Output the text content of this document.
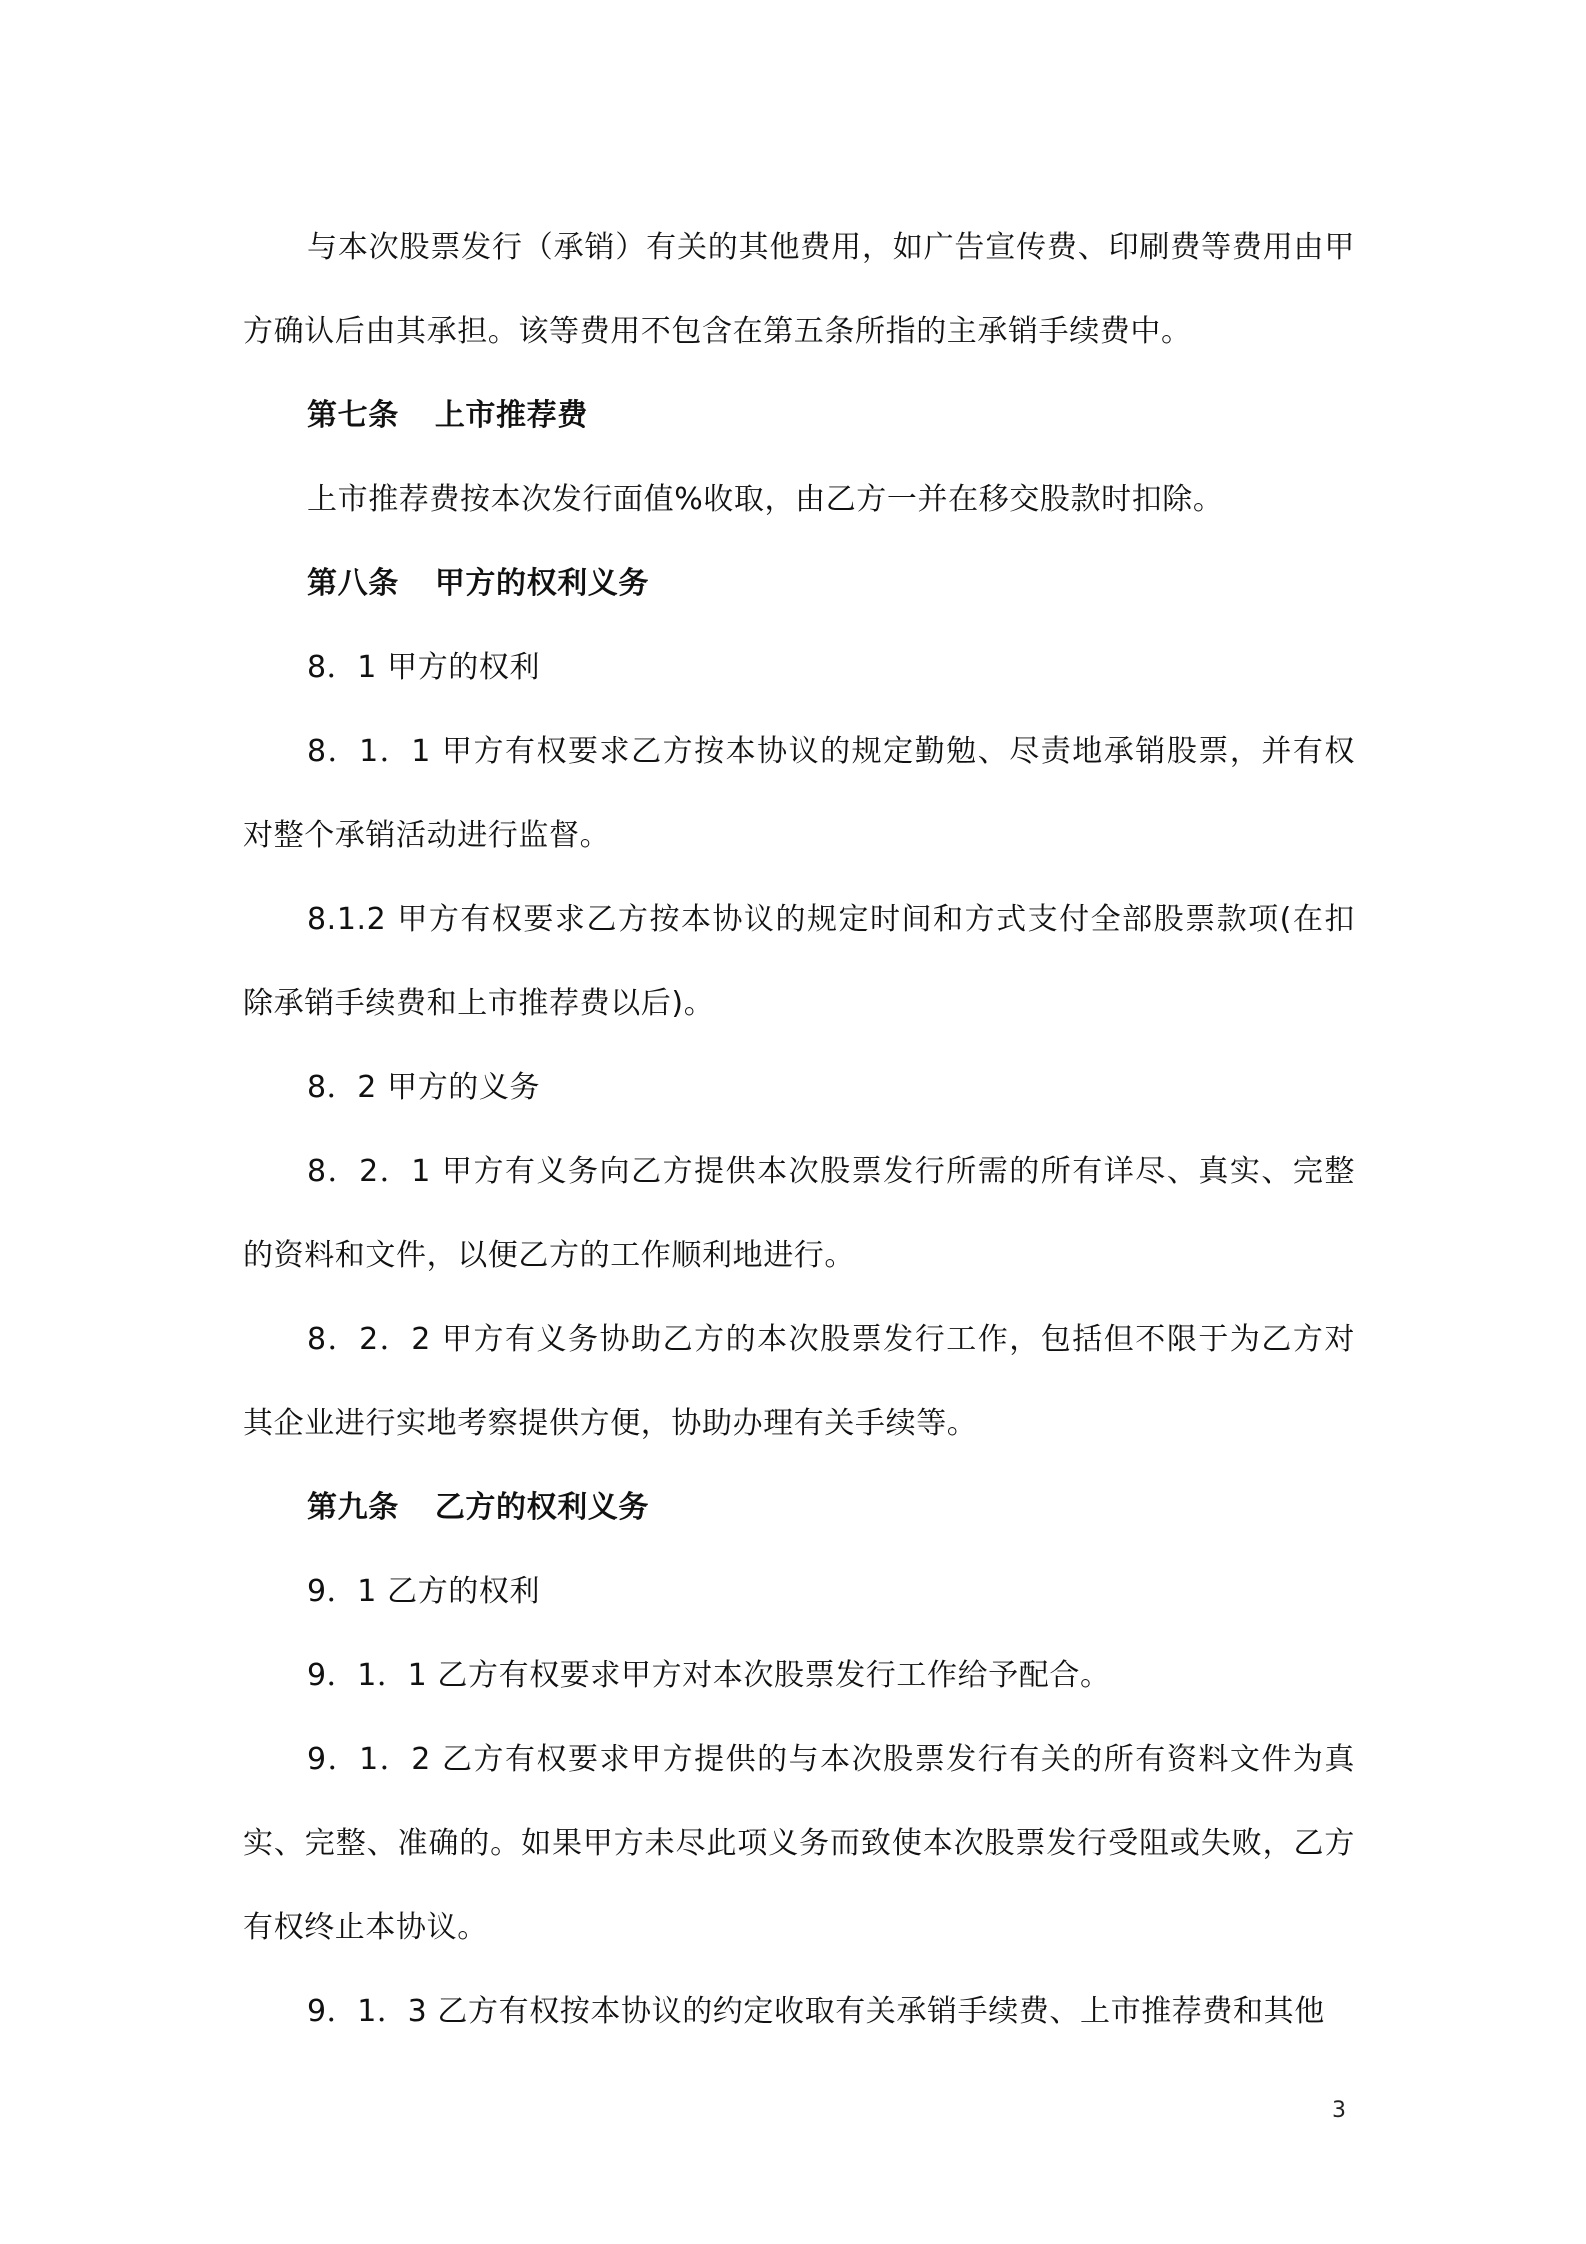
与本次股票发行（承销）有关的其他费用，如广告宣传费、印刷费等费用由甲方确认后由其承担。该等费用不包含在第五条所指的主承销手续费中。

第七条 上市推荐费

上市推荐费按本次发行面值%收取，由乙方一并在移交股款时扣除。

第八条 甲方的权利义务

8．1 甲方的权利

8．1．1 甲方有权要求乙方按本协议的规定勤勉、尽责地承销股票，并有权对整个承销活动进行监督。

8.1.2 甲方有权要求乙方按本协议的规定时间和方式支付全部股票款项(在扣除承销手续费和上市推荐费以后)。

8．2 甲方的义务

8．2．1 甲方有义务向乙方提供本次股票发行所需的所有详尽、真实、完整的资料和文件，以便乙方的工作顺利地进行。

8．2．2 甲方有义务协助乙方的本次股票发行工作，包括但不限于为乙方对其企业进行实地考察提供方便，协助办理有关手续等。

第九条 乙方的权利义务

9．1 乙方的权利

9．1．1 乙方有权要求甲方对本次股票发行工作给予配合。

9．1．2 乙方有权要求甲方提供的与本次股票发行有关的所有资料文件为真实、完整、准确的。如果甲方未尽此项义务而致使本次股票发行受阻或失败，乙方有权终止本协议。

9．1．3 乙方有权按本协议的约定收取有关承销手续费、上市推荐费和其他

3
